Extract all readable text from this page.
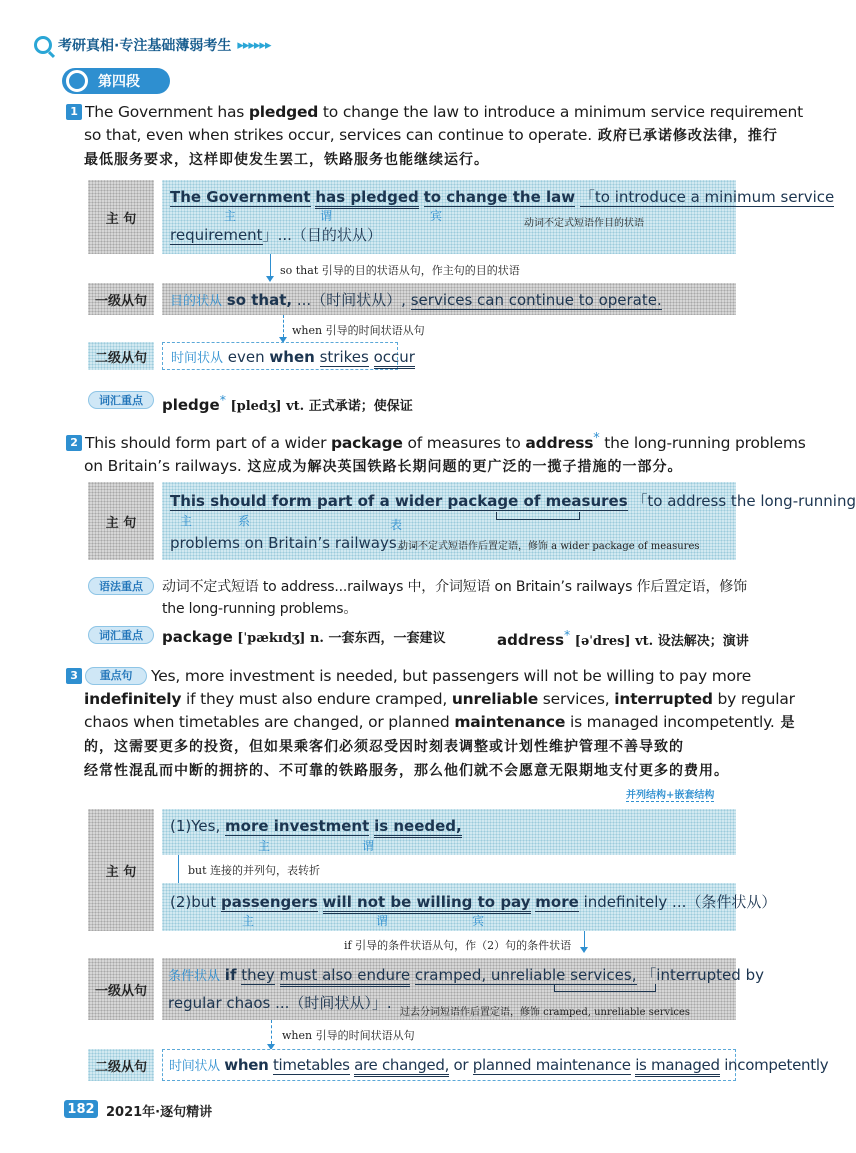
考研真相·专注基础薄弱考生 ▸▸▸▸▸▸
第四段
1 The Government has pledged to change the law to introduce a minimum service requirement
so that, even when strikes occur, services can continue to operate. 政府已承诺修改法律，推行
最低服务要求，这样即使发生罢工，铁路服务也能继续运行。
主 句
The Government has pledged to change the law 「to introduce a minimum service
主	谓	宾
动词不定式短语作目的状语
requirement」...（目的状从）
so that 引导的目的状语从句，作主句的目的状语
一级从句	目的状从 so that, ...（时间状从）, services can continue to operate.
when 引导的时间状语从句
二级从句	时间状从 even when strikes occur
词汇重点	pledge* [pledʒ] vt. 正式承诺；使保证
2 This should form part of a wider package of measures to address* the long-running problems
on Britain’s railways. 这应成为解决英国铁路长期问题的更广泛的一揽子措施的一部分。
主 句
This should form part of a wider package of measures 「to address the long-running
主	系	表
problems on Britain’s railways」.
动词不定式短语作后置定语，修饰 a wider package of measures
语法重点	动词不定式短语 to address...railways 中，介词短语 on Britain’s railways 作后置定语，修饰
the long-running problems。
词汇重点	package [ˈpækɪdʒ] n. 一套东西，一套建议	address* [əˈdres] vt. 设法解决；演讲
3 重点句 Yes, more investment is needed, but passengers will not be willing to pay more
indefinitely if they must also endure cramped, unreliable services, interrupted by regular
chaos when timetables are changed, or planned maintenance is managed incompetently. 是
的，这需要更多的投资，但如果乘客们必须忍受因时刻表调整或计划性维护管理不善导致的
经常性混乱而中断的拥挤的、不可靠的铁路服务，那么他们就不会愿意无限期地支付更多的费用。
并列结构+嵌套结构
主 句
(1)Yes, more investment is needed,
主	谓
but 连接的并列句，表转折
(2)but passengers will not be willing to pay more indefinitely ...（条件状从）
主	谓	宾
if 引导的条件状语从句，作（2）句的条件状语
一级从句
条件状从 if they must also endure cramped, unreliable services, 「interrupted by
regular chaos ...（时间状从）」.
过去分词短语作后置定语，修饰 cramped, unreliable services
when 引导的时间状语从句
二级从句	时间状从 when timetables are changed, or planned maintenance is managed incompetently
182 2021年·逐句精讲
